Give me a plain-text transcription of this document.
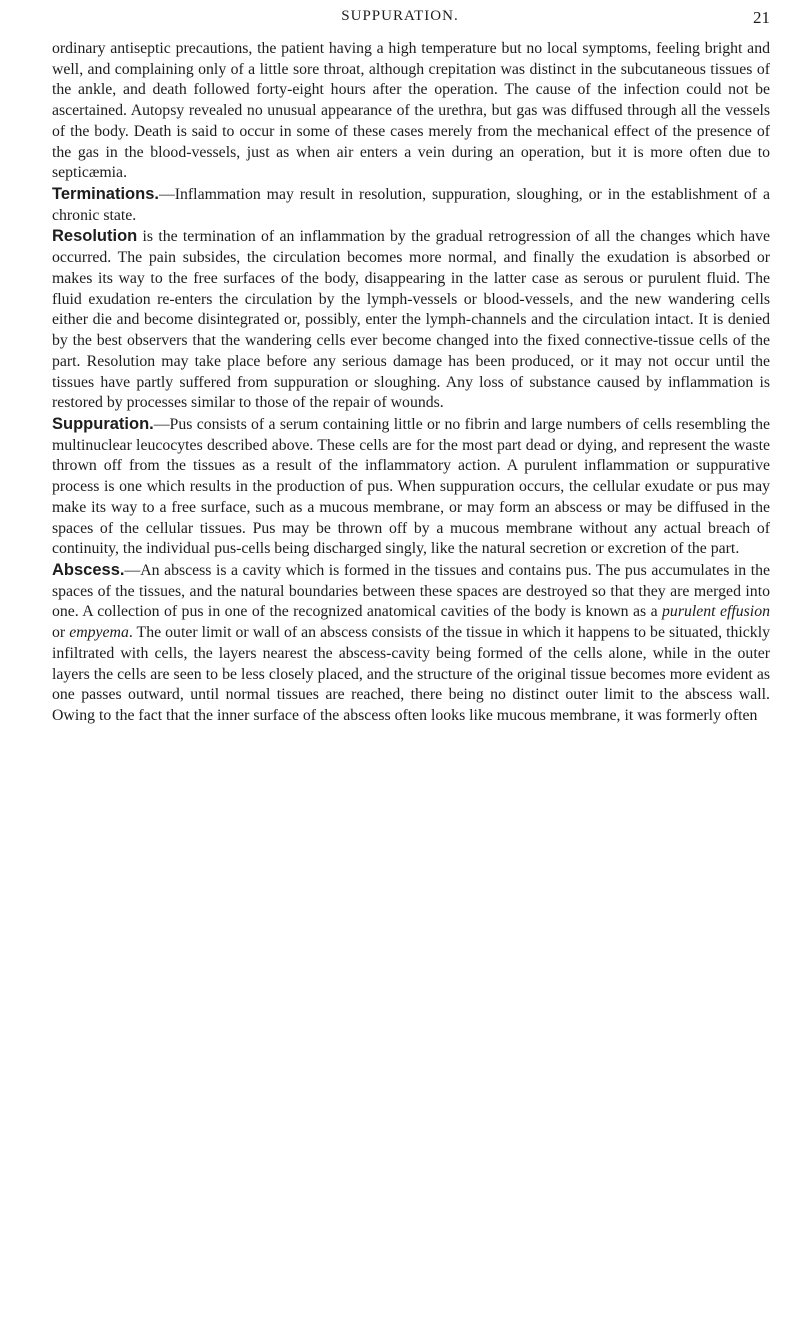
SUPPURATION.	21

ordinary antiseptic precautions, the patient having a high temperature but no local symptoms, feeling bright and well, and complaining only of a little sore throat, although crepitation was distinct in the subcutaneous tissues of the ankle, and death followed forty-eight hours after the operation. The cause of the infection could not be ascertained. Autopsy revealed no unusual appearance of the urethra, but gas was diffused through all the vessels of the body. Death is said to occur in some of these cases merely from the mechanical effect of the presence of the gas in the blood-vessels, just as when air enters a vein during an operation, but it is more often due to septicæmia.

Terminations.—Inflammation may result in resolution, suppuration, sloughing, or in the establishment of a chronic state.

Resolution is the termination of an inflammation by the gradual retrogression of all the changes which have occurred. The pain subsides, the circulation becomes more normal, and finally the exudation is absorbed or makes its way to the free surfaces of the body, disappearing in the latter case as serous or purulent fluid. The fluid exudation re-enters the circulation by the lymph-vessels or blood-vessels, and the new wandering cells either die and become disintegrated or, possibly, enter the lymph-channels and the circulation intact. It is denied by the best observers that the wandering cells ever become changed into the fixed connective-tissue cells of the part. Resolution may take place before any serious damage has been produced, or it may not occur until the tissues have partly suffered from suppuration or sloughing. Any loss of substance caused by inflammation is restored by processes similar to those of the repair of wounds.

Suppuration.—Pus consists of a serum containing little or no fibrin and large numbers of cells resembling the multinuclear leucocytes described above. These cells are for the most part dead or dying, and represent the waste thrown off from the tissues as a result of the inflammatory action. A purulent inflammation or suppurative process is one which results in the production of pus. When suppuration occurs, the cellular exudate or pus may make its way to a free surface, such as a mucous membrane, or may form an abscess or may be diffused in the spaces of the cellular tissues. Pus may be thrown off by a mucous membrane without any actual breach of continuity, the individual pus-cells being discharged singly, like the natural secretion or excretion of the part.

Abscess.—An abscess is a cavity which is formed in the tissues and contains pus. The pus accumulates in the spaces of the tissues, and the natural boundaries between these spaces are destroyed so that they are merged into one. A collection of pus in one of the recognized anatomical cavities of the body is known as a purulent effusion or empyema. The outer limit or wall of an abscess consists of the tissue in which it happens to be situated, thickly infiltrated with cells, the layers nearest the abscess-cavity being formed of the cells alone, while in the outer layers the cells are seen to be less closely placed, and the structure of the original tissue becomes more evident as one passes outward, until normal tissues are reached, there being no distinct outer limit to the abscess wall. Owing to the fact that the inner surface of the abscess often looks like mucous membrane, it was formerly often
